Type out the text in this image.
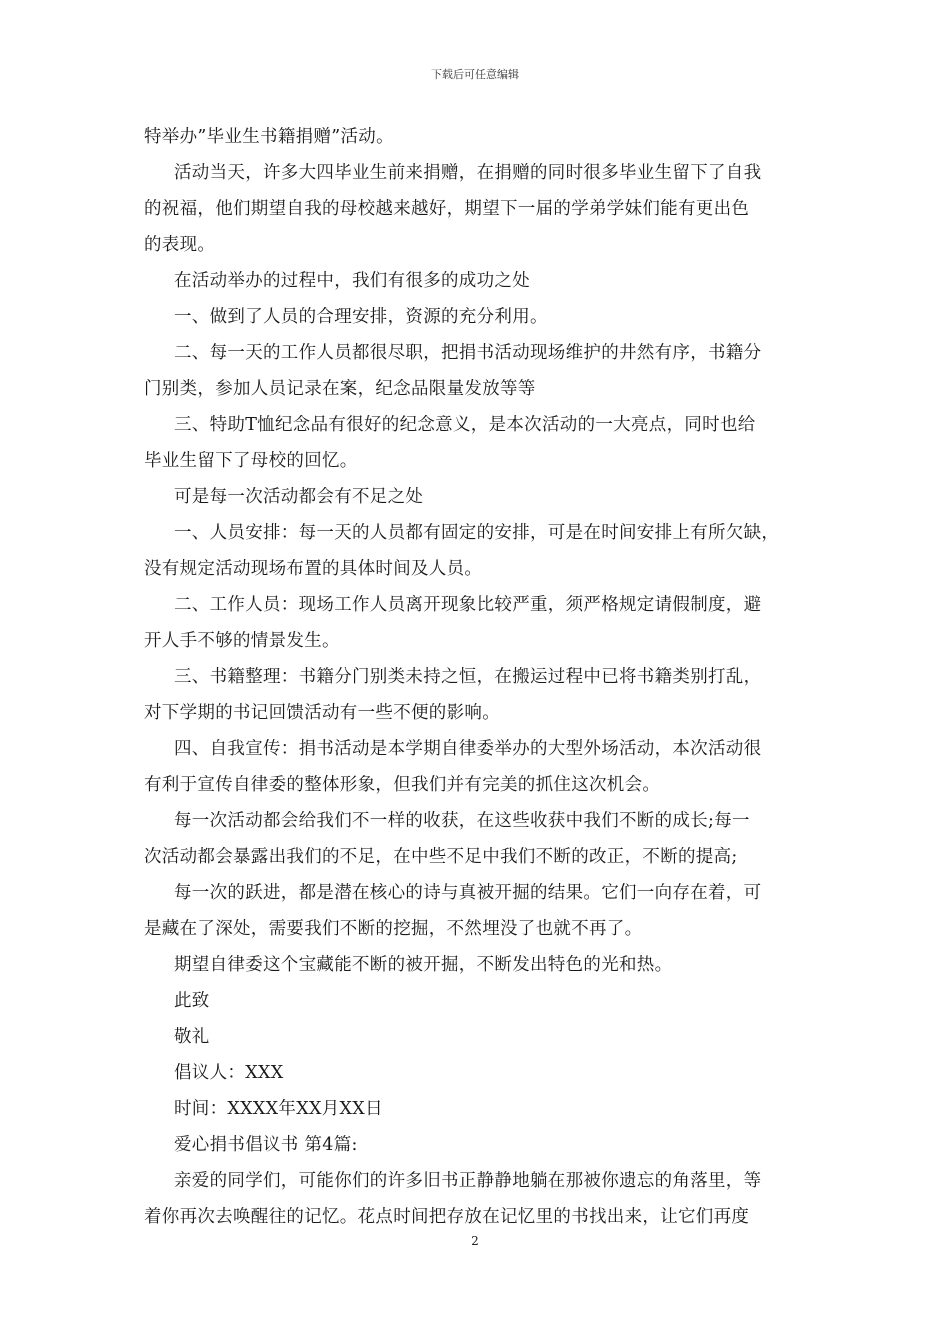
下载后可任意编辑
特举办”毕业生书籍捐赠”活动。
活动当天，许多大四毕业生前来捐赠，在捐赠的同时很多毕业生留下了自我
的祝福，他们期望自我的母校越来越好，期望下一届的学弟学妹们能有更出色
的表现。
在活动举办的过程中，我们有很多的成功之处
一、做到了人员的合理安排，资源的充分利用。
二、每一天的工作人员都很尽职，把捐书活动现场维护的井然有序，书籍分
门别类，参加人员记录在案，纪念品限量发放等等
三、特助T恤纪念品有很好的纪念意义，是本次活动的一大亮点，同时也给
毕业生留下了母校的回忆。
可是每一次活动都会有不足之处
一、人员安排：每一天的人员都有固定的安排，可是在时间安排上有所欠缺，
没有规定活动现场布置的具体时间及人员。
二、工作人员：现场工作人员离开现象比较严重，须严格规定请假制度，避
开人手不够的情景发生。
三、书籍整理：书籍分门别类未持之恒，在搬运过程中已将书籍类别打乱，
对下学期的书记回馈活动有一些不便的影响。
四、自我宣传：捐书活动是本学期自律委举办的大型外场活动，本次活动很
有利于宣传自律委的整体形象，但我们并有完美的抓住这次机会。
每一次活动都会给我们不一样的收获，在这些收获中我们不断的成长;每一
次活动都会暴露出我们的不足，在中些不足中我们不断的改正，不断的提高;
每一次的跃进，都是潜在核心的诗与真被开掘的结果。它们一向存在着，可
是藏在了深处，需要我们不断的挖掘，不然埋没了也就不再了。
期望自律委这个宝藏能不断的被开掘，不断发出特色的光和热。
此致
敬礼
倡议人：XXX
时间：XXXX年XX月XX日
爱心捐书倡议书 第4篇:
亲爱的同学们，可能你们的许多旧书正静静地躺在那被你遗忘的角落里，等
着你再次去唤醒往的记忆。花点时间把存放在记忆里的书找出来，让它们再度
2
